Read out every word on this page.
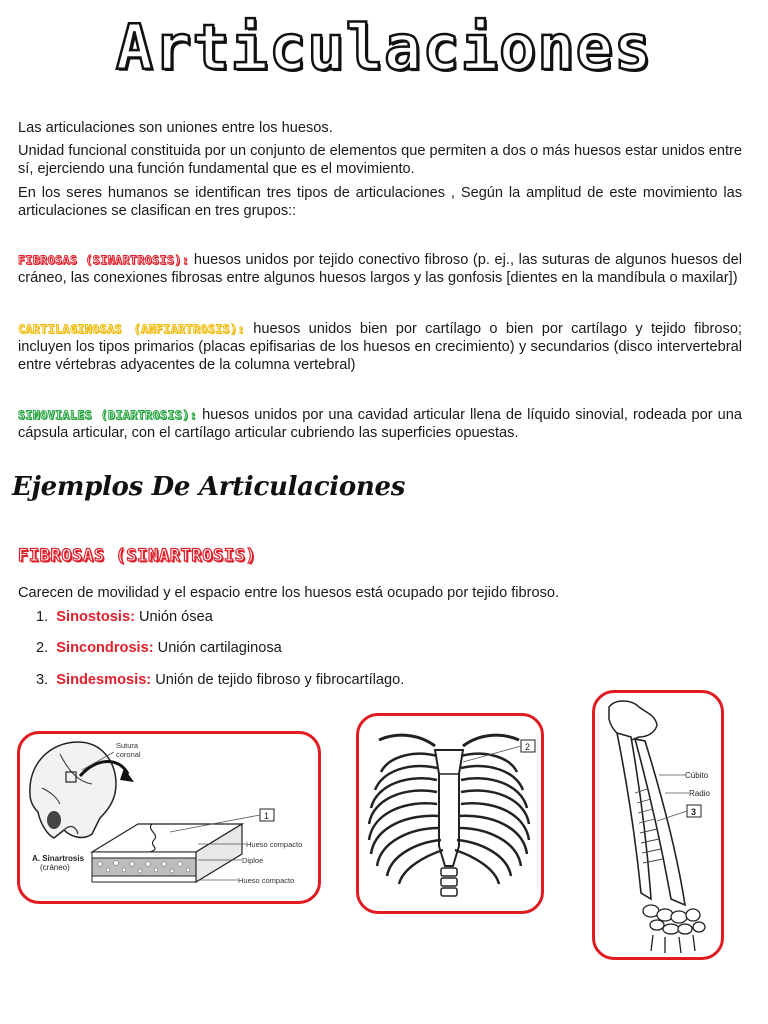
Articulaciones

Las articulaciones son uniones entre los huesos.

Unidad funcional constituida por un conjunto de elementos que permiten a dos o más huesos estar unidos entre sí, ejerciendo una función fundamental que es el movimiento.

En los seres humanos se identifican tres tipos de articulaciones , Según la amplitud de este movimiento las articulaciones se clasifican en tres grupos::

FIBROSAS (SINARTROSIS): huesos unidos por tejido conectivo fibroso (p. ej., las suturas de algunos huesos del cráneo, las conexiones fibrosas entre algunos huesos largos y las gonfosis [dientes en la mandíbula o maxilar])

CARTILAGINOSAS (ANFIARTROSIS): huesos unidos bien por cartílago o bien por cartílago y tejido fibroso; incluyen los tipos primarios (placas epifisarias de los huesos en crecimiento) y secundarios (disco intervertebral entre vértebras adyacentes de la columna vertebral)

SINOVIALES (DIARTROSIS): huesos unidos por una cavidad articular llena de líquido sinovial, rodeada por una cápsula articular, con el cartílago articular cubriendo las superficies opuestas.

Ejemplos De Articulaciones
FIBROSAS (SINARTROSIS)

Carecen de movilidad y el espacio entre los huesos está ocupado por tejido fibroso.

1. Sinostosis: Unión ósea
2. Sincondrosis: Unión cartilaginosa
3. Sindesmosis: Unión de tejido fibroso y fibrocartílago.
Sutura
coronal
1
Hueso compacto
Diploe
Hueso compacto
A. Sinartrosis
(cráneo)
2
Cúbito
Radio
3
